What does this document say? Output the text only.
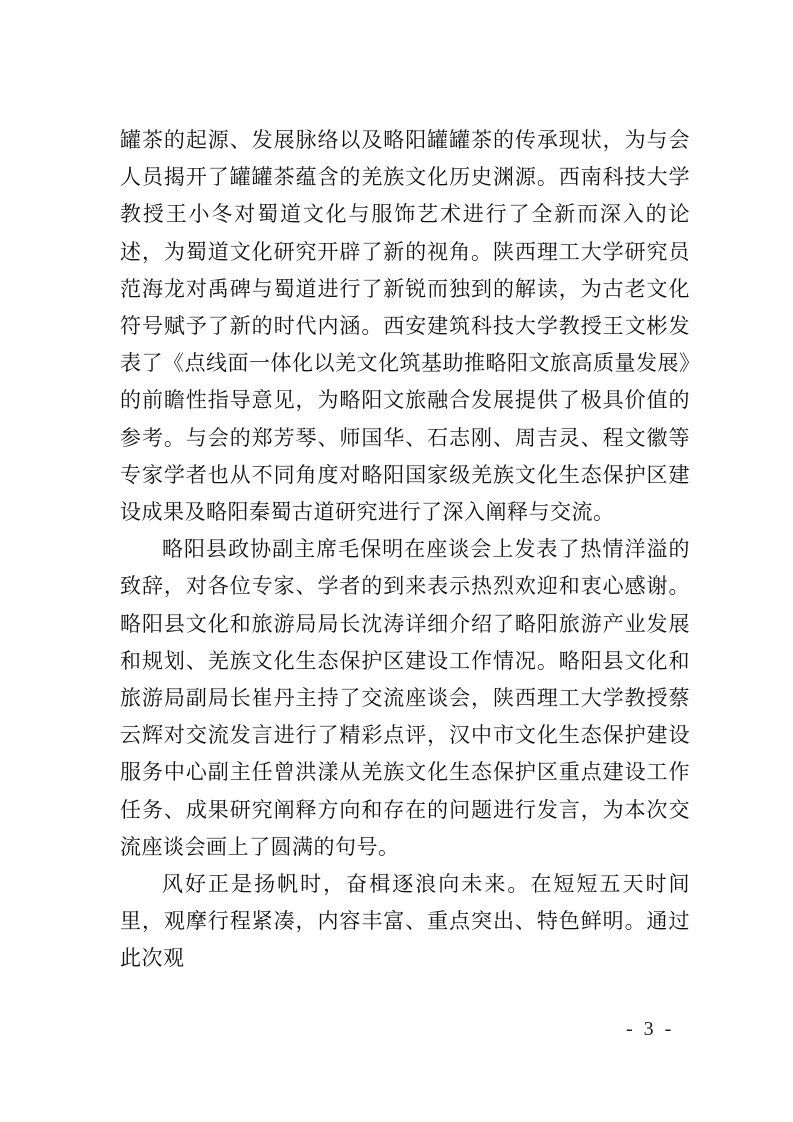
罐茶的起源、发展脉络以及略阳罐罐茶的传承现状，为与会人员揭开了罐罐茶蕴含的羌族文化历史渊源。西南科技大学教授王小冬对蜀道文化与服饰艺术进行了全新而深入的论述，为蜀道文化研究开辟了新的视角。陕西理工大学研究员范海龙对禹碑与蜀道进行了新锐而独到的解读，为古老文化符号赋予了新的时代内涵。西安建筑科技大学教授王文彬发表了《点线面一体化以羌文化筑基助推略阳文旅高质量发展》的前瞻性指导意见，为略阳文旅融合发展提供了极具价值的参考。与会的郑芳琴、师国华、石志刚、周吉灵、程文徽等专家学者也从不同角度对略阳国家级羌族文化生态保护区建设成果及略阳秦蜀古道研究进行了深入阐释与交流。

略阳县政协副主席毛保明在座谈会上发表了热情洋溢的致辞，对各位专家、学者的到来表示热烈欢迎和衷心感谢。略阳县文化和旅游局局长沈涛详细介绍了略阳旅游产业发展和规划、羌族文化生态保护区建设工作情况。略阳县文化和旅游局副局长崔丹主持了交流座谈会，陕西理工大学教授蔡云辉对交流发言进行了精彩点评，汉中市文化生态保护建设服务中心副主任曾洪漾从羌族文化生态保护区重点建设工作任务、成果研究阐释方向和存在的问题进行发言，为本次交流座谈会画上了圆满的句号。

风好正是扬帆时，奋楫逐浪向未来。在短短五天时间里，观摩行程紧凑，内容丰富、重点突出、特色鲜明。通过此次观

- 3 -
